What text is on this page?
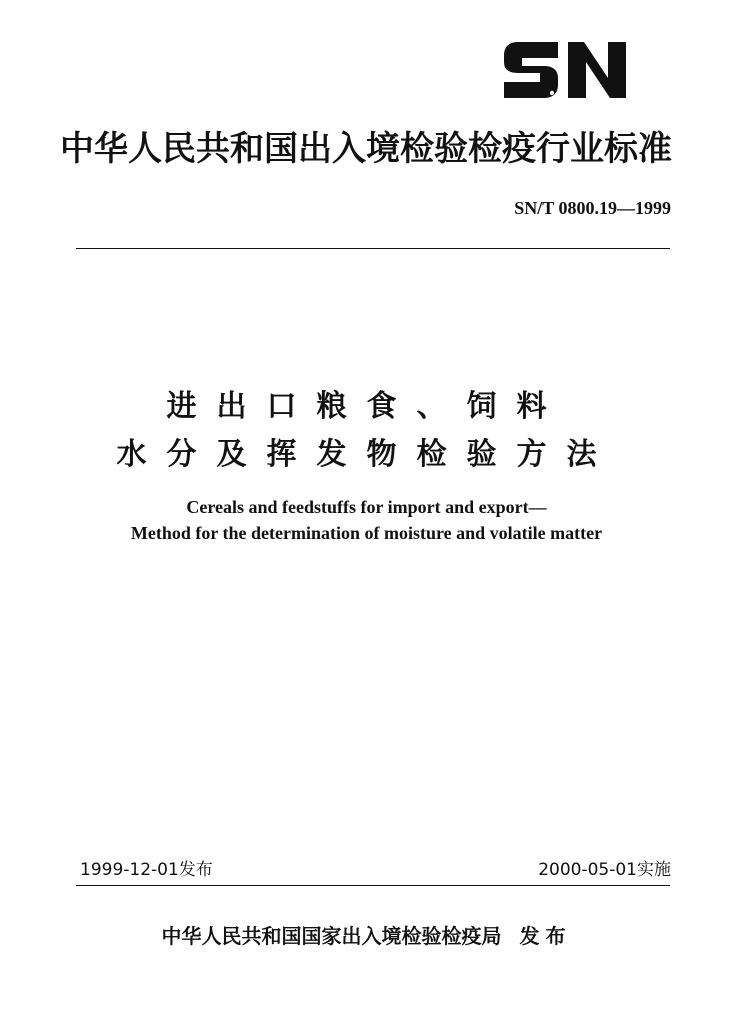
中华人民共和国出入境检验检疫行业标准
SN/T 0800.19—1999
进出口粮食、饲料
水分及挥发物检验方法
Cereals and feedstuffs for import and export—
Method for the determination of moisture and volatile matter
1999-12-01发布	2000-05-01实施
中华人民共和国国家出入境检验检疫局 发布
